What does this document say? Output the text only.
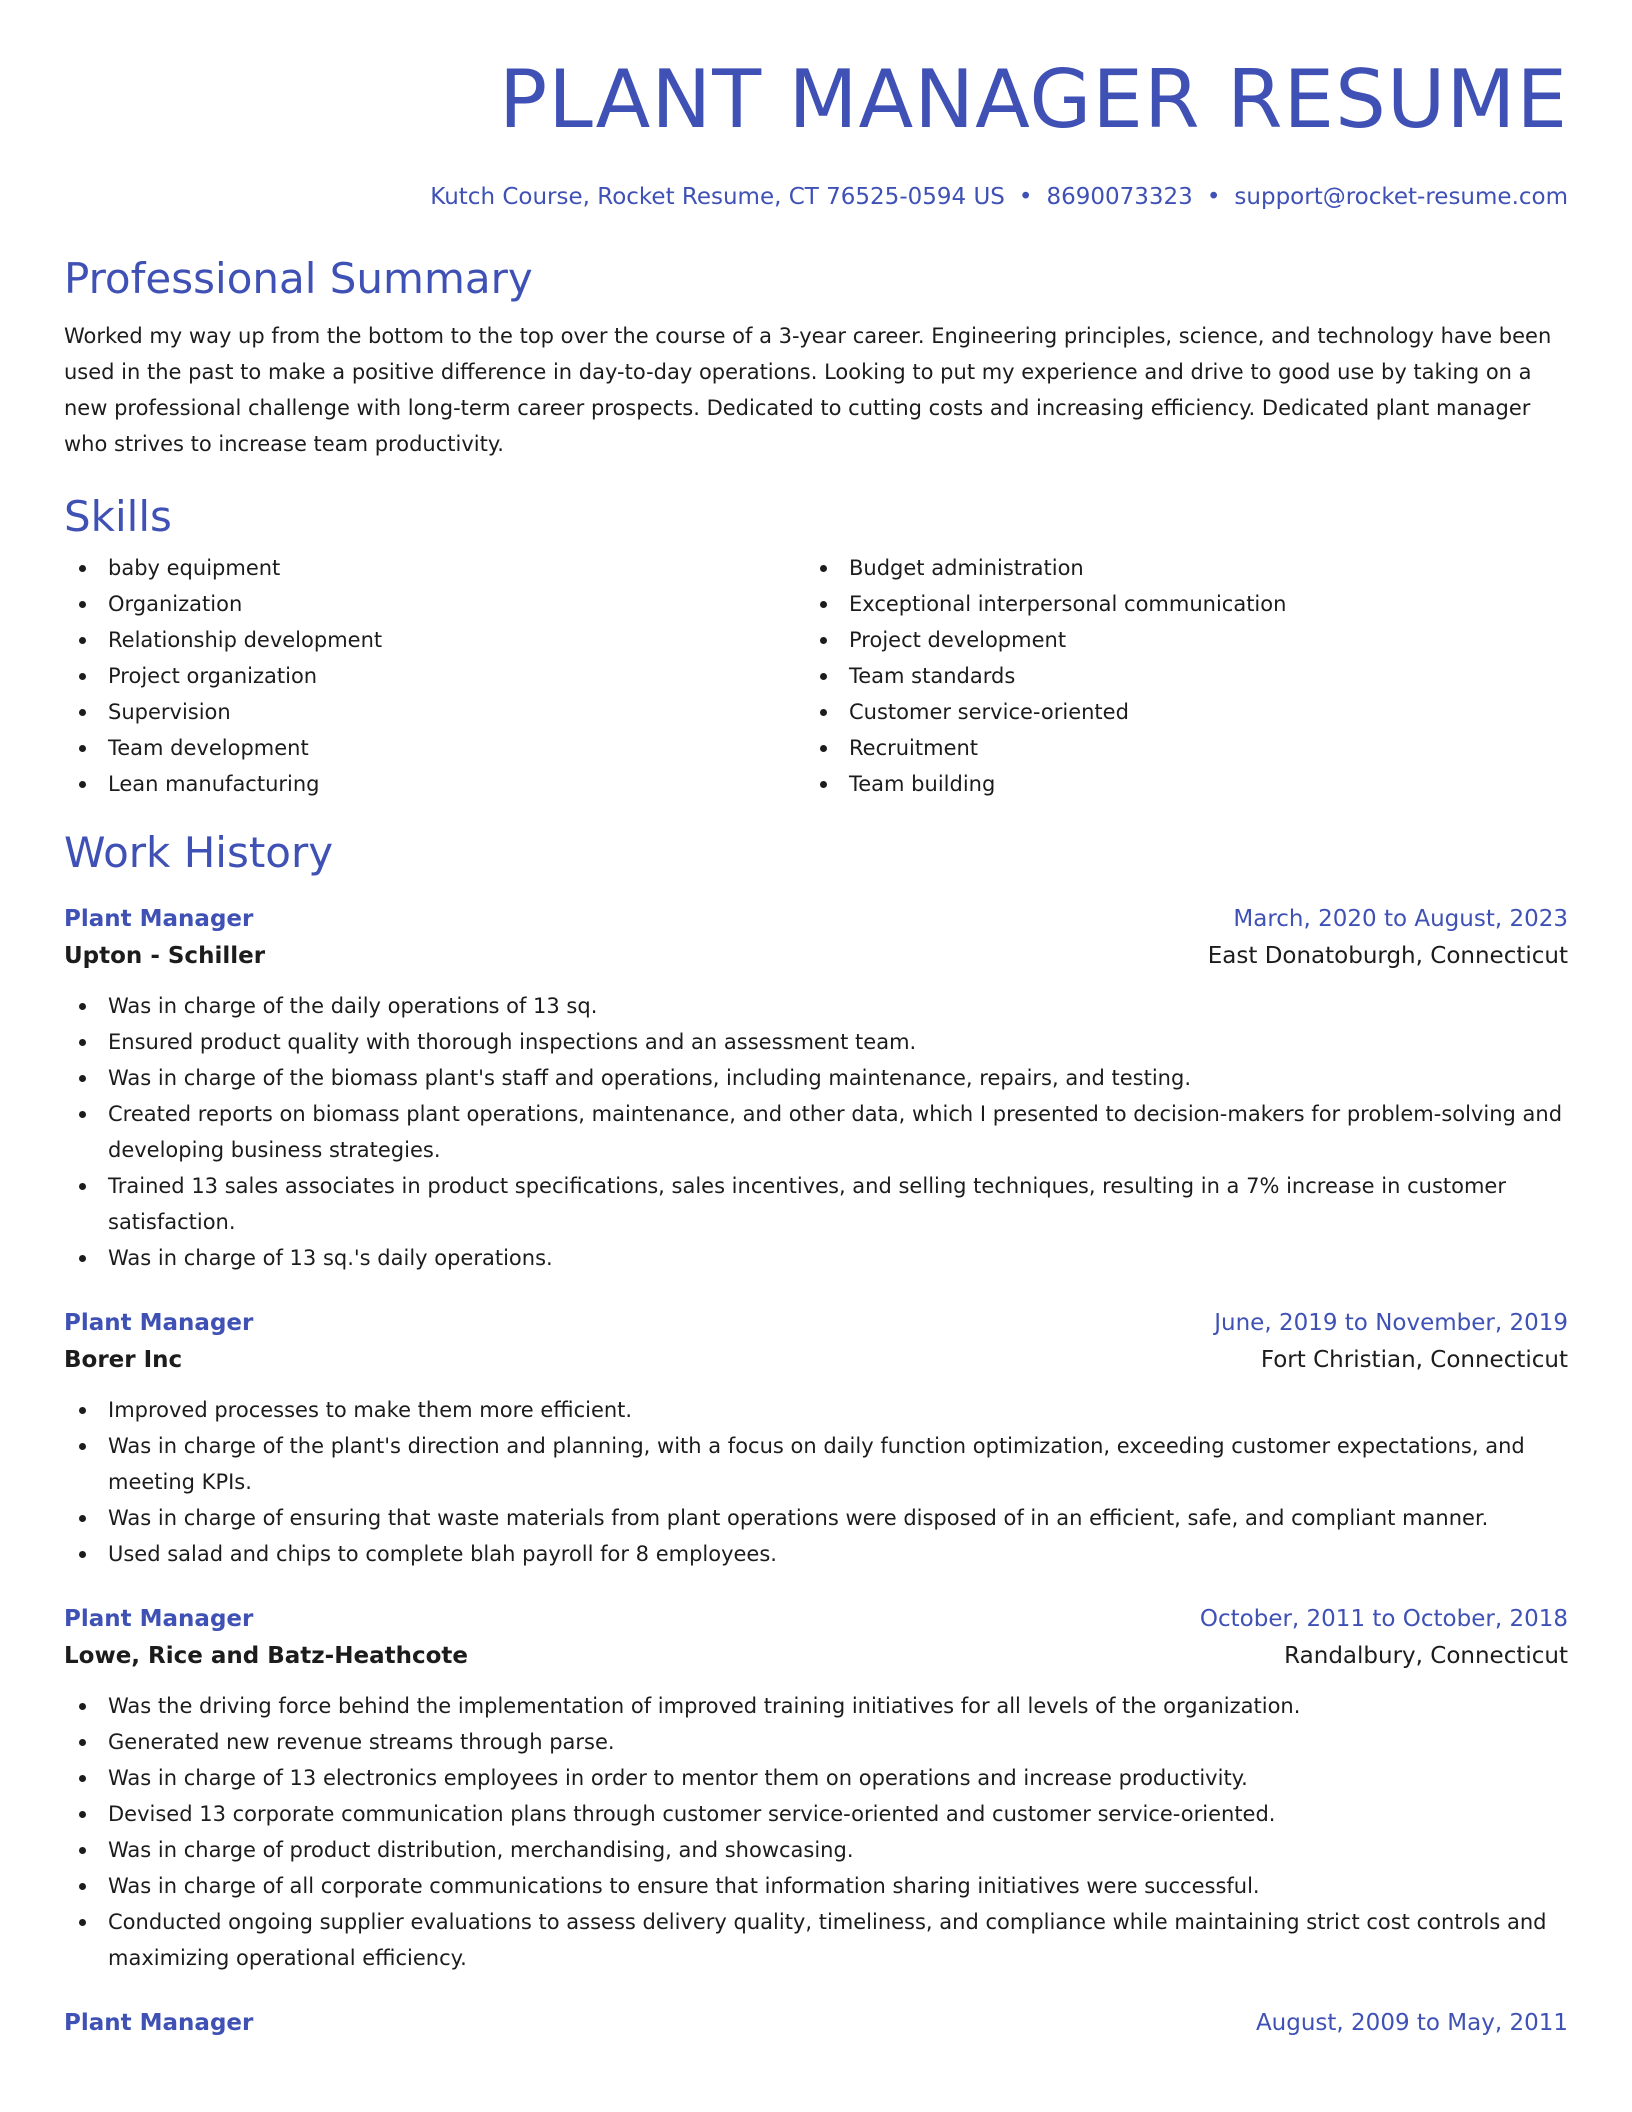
PLANT MANAGER RESUME
Kutch Course, Rocket Resume, CT 76525-0594 US • 8690073323 • support@rocket-resume.com
Professional Summary
Worked my way up from the bottom to the top over the course of a 3-year career. Engineering principles, science, and technology have been used in the past to make a positive difference in day-to-day operations. Looking to put my experience and drive to good use by taking on a new professional challenge with long-term career prospects. Dedicated to cutting costs and increasing efficiency. Dedicated plant manager who strives to increase team productivity.
Skills
baby equipment
Organization
Relationship development
Project organization
Supervision
Team development
Lean manufacturing
Budget administration
Exceptional interpersonal communication
Project development
Team standards
Customer service-oriented
Recruitment
Team building
Work History
Plant Manager	March, 2020 to August, 2023
Upton - Schiller	East Donatoburgh, Connecticut
Was in charge of the daily operations of 13 sq.
Ensured product quality with thorough inspections and an assessment team.
Was in charge of the biomass plant's staff and operations, including maintenance, repairs, and testing.
Created reports on biomass plant operations, maintenance, and other data, which I presented to decision-makers for problem-solving and developing business strategies.
Trained 13 sales associates in product specifications, sales incentives, and selling techniques, resulting in a 7% increase in customer satisfaction.
Was in charge of 13 sq.'s daily operations.
Plant Manager	June, 2019 to November, 2019
Borer Inc	Fort Christian, Connecticut
Improved processes to make them more efficient.
Was in charge of the plant's direction and planning, with a focus on daily function optimization, exceeding customer expectations, and meeting KPIs.
Was in charge of ensuring that waste materials from plant operations were disposed of in an efficient, safe, and compliant manner.
Used salad and chips to complete blah payroll for 8 employees.
Plant Manager	October, 2011 to October, 2018
Lowe, Rice and Batz-Heathcote	Randalbury, Connecticut
Was the driving force behind the implementation of improved training initiatives for all levels of the organization.
Generated new revenue streams through parse.
Was in charge of 13 electronics employees in order to mentor them on operations and increase productivity.
Devised 13 corporate communication plans through customer service-oriented and customer service-oriented.
Was in charge of product distribution, merchandising, and showcasing.
Was in charge of all corporate communications to ensure that information sharing initiatives were successful.
Conducted ongoing supplier evaluations to assess delivery quality, timeliness, and compliance while maintaining strict cost controls and maximizing operational efficiency.
Plant Manager	August, 2009 to May, 2011
